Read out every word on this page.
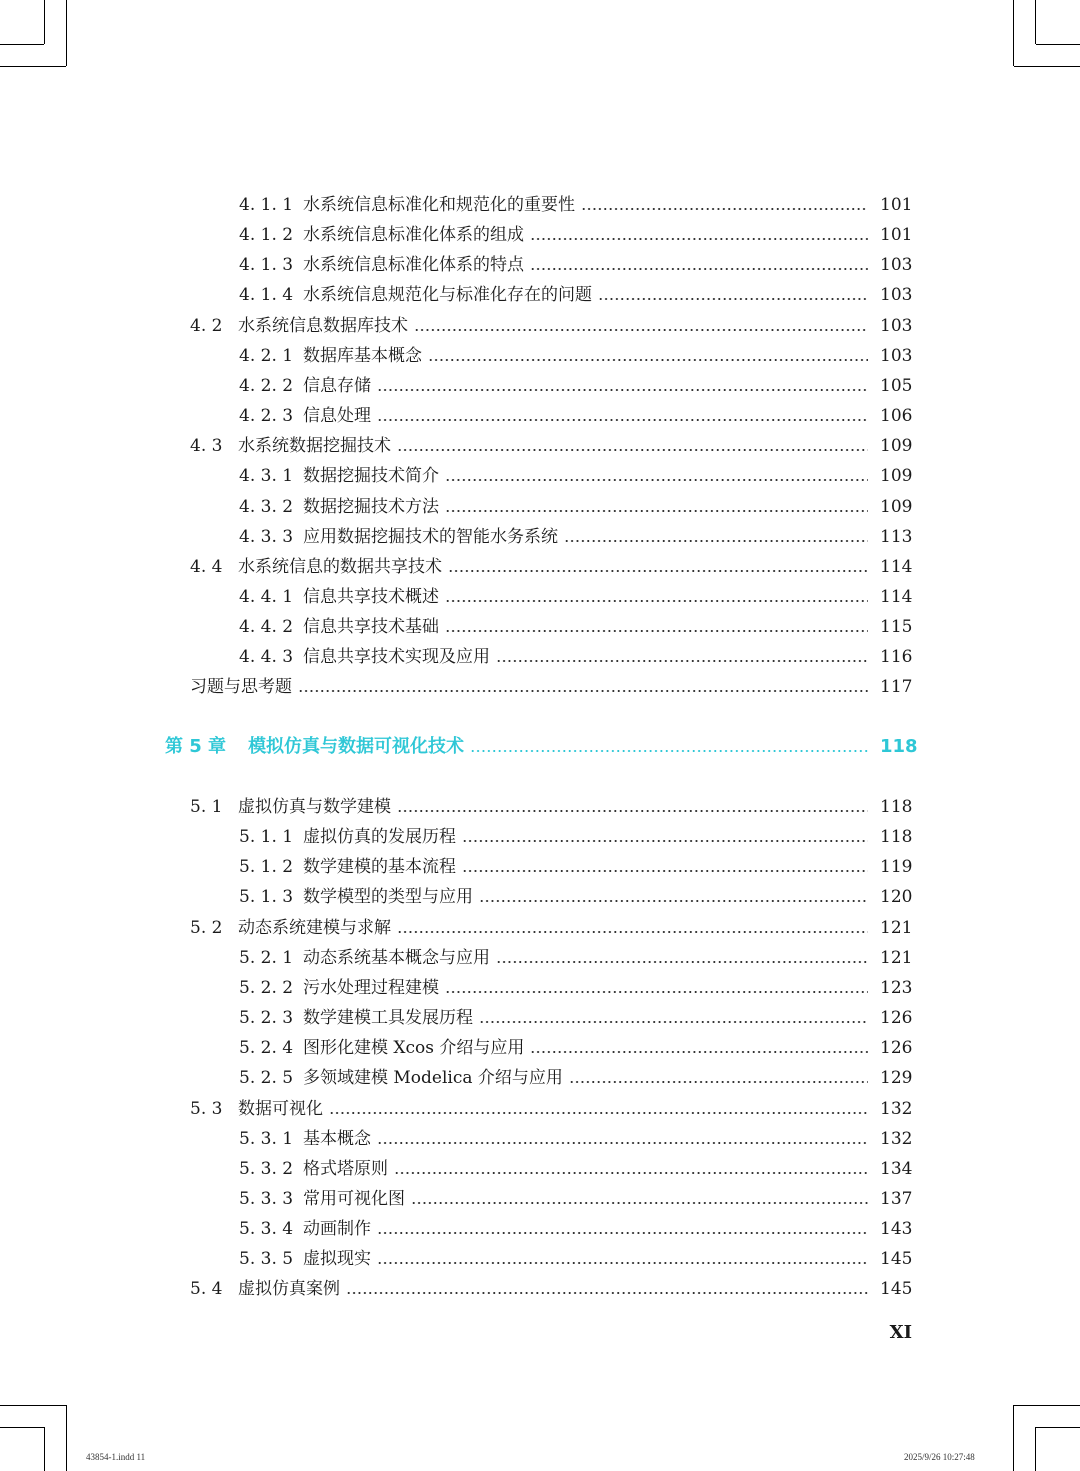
4. 1. 1 水系统信息标准化和规范化的重要性	101
4. 1. 2 水系统信息标准化体系的组成	101
4. 1. 3 水系统信息标准化体系的特点	103
4. 1. 4 水系统信息规范化与标准化存在的问题	103
4. 2 水系统信息数据库技术	103
4. 2. 1 数据库基本概念	103
4. 2. 2 信息存储	105
4. 2. 3 信息处理	106
4. 3 水系统数据挖掘技术	109
4. 3. 1 数据挖掘技术简介	109
4. 3. 2 数据挖掘技术方法	109
4. 3. 3 应用数据挖掘技术的智能水务系统	113
4. 4 水系统信息的数据共享技术	114
4. 4. 1 信息共享技术概述	114
4. 4. 2 信息共享技术基础	115
4. 4. 3 信息共享技术实现及应用	116
习题与思考题	117
第 5 章 模拟仿真与数据可视化技术	118
5. 1 虚拟仿真与数学建模	118
5. 1. 1 虚拟仿真的发展历程	118
5. 1. 2 数学建模的基本流程	119
5. 1. 3 数学模型的类型与应用	120
5. 2 动态系统建模与求解	121
5. 2. 1 动态系统基本概念与应用	121
5. 2. 2 污水处理过程建模	123
5. 2. 3 数学建模工具发展历程	126
5. 2. 4 图形化建模 Xcos 介绍与应用	126
5. 2. 5 多领域建模 Modelica 介绍与应用	129
5. 3 数据可视化	132
5. 3. 1 基本概念	132
5. 3. 2 格式塔原则	134
5. 3. 3 常用可视化图	137
5. 3. 4 动画制作	143
5. 3. 5 虚拟现实	145
5. 4 虚拟仿真案例	145
XI
43854-1.indd 11	2025/9/26 10:27:48
